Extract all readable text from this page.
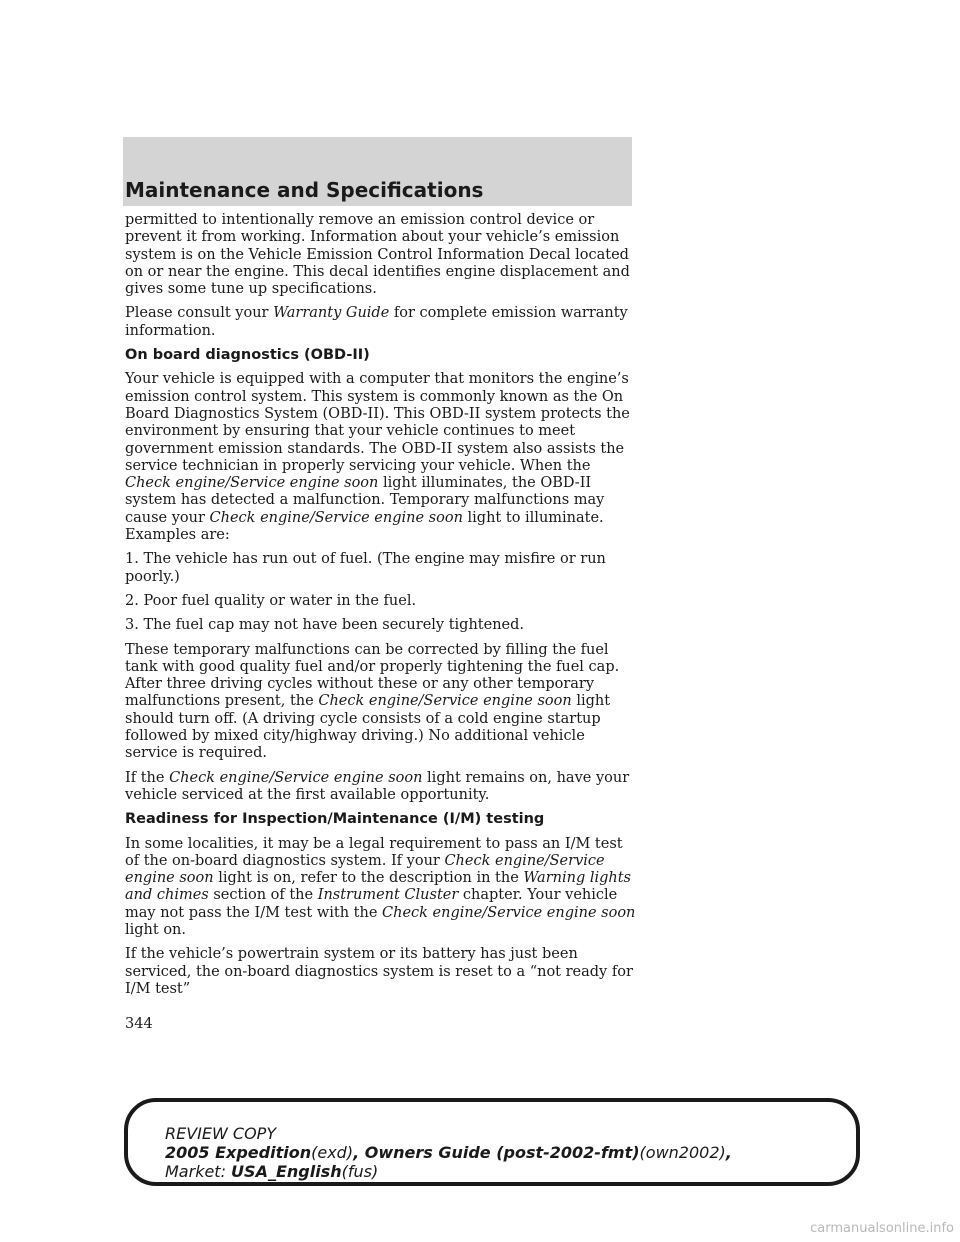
Maintenance and Specifications

permitted to intentionally remove an emission control device or prevent it from working. Information about your vehicle’s emission system is on the Vehicle Emission Control Information Decal located on or near the engine. This decal identifies engine displacement and gives some tune up specifications.

Please consult your Warranty Guide for complete emission warranty information.

On board diagnostics (OBD-II)

Your vehicle is equipped with a computer that monitors the engine’s emission control system. This system is commonly known as the On Board Diagnostics System (OBD-II). This OBD-II system protects the environment by ensuring that your vehicle continues to meet government emission standards. The OBD-II system also assists the service technician in properly servicing your vehicle. When the Check engine/Service engine soon light illuminates, the OBD-II system has detected a malfunction. Temporary malfunctions may cause your Check engine/Service engine soon light to illuminate. Examples are:

1. The vehicle has run out of fuel. (The engine may misfire or run poorly.)

2. Poor fuel quality or water in the fuel.

3. The fuel cap may not have been securely tightened.

These temporary malfunctions can be corrected by filling the fuel tank with good quality fuel and/or properly tightening the fuel cap. After three driving cycles without these or any other temporary malfunctions present, the Check engine/Service engine soon light should turn off. (A driving cycle consists of a cold engine startup followed by mixed city/highway driving.) No additional vehicle service is required.

If the Check engine/Service engine soon light remains on, have your vehicle serviced at the first available opportunity.

Readiness for Inspection/Maintenance (I/M) testing

In some localities, it may be a legal requirement to pass an I/M test of the on-board diagnostics system. If your Check engine/Service engine soon light is on, refer to the description in the Warning lights and chimes section of the Instrument Cluster chapter. Your vehicle may not pass the I/M test with the Check engine/Service engine soon light on.

If the vehicle’s powertrain system or its battery has just been serviced, the on-board diagnostics system is reset to a “not ready for I/M test”

344
REVIEW COPY
2005 Expedition(exd), Owners Guide (post-2002-fmt)(own2002),
Market: USA_English(fus)
carmanualsonline.info
